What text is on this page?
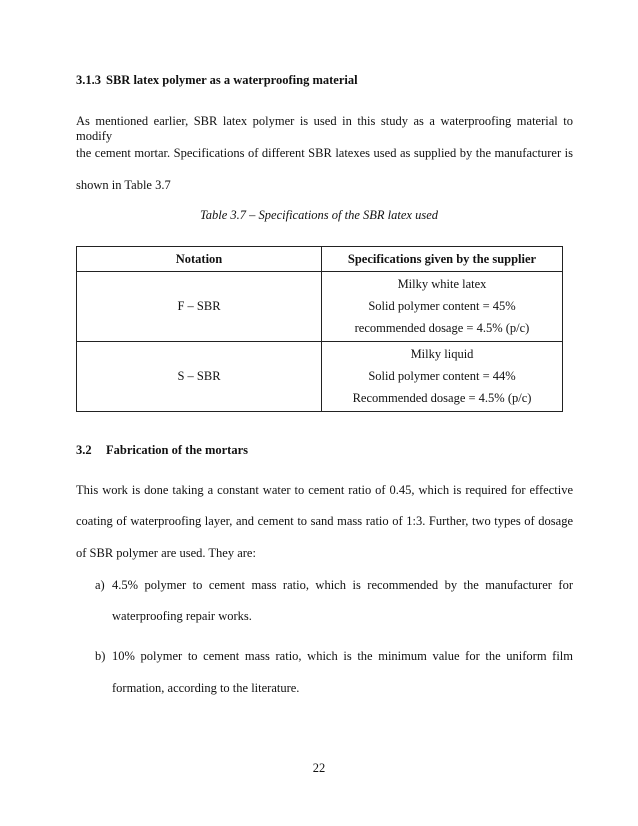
3.1.3 SBR latex polymer as a waterproofing material
As mentioned earlier, SBR latex polymer is used in this study as a waterproofing material to modify
the cement mortar. Specifications of different SBR latexes used as supplied by the manufacturer is
shown in Table 3.7
Table 3.7 – Specifications of the SBR latex used
Notation	Specifications given by the supplier
F – SBR	Milky white latex
Solid polymer content = 45%
recommended dosage = 4.5% (p/c)

S – SBR	Milky liquid
Solid polymer content = 44%
Recommended dosage = 4.5% (p/c)
3.2 Fabrication of the mortars
This work is done taking a constant water to cement ratio of 0.45, which is required for effective
coating of waterproofing layer, and cement to sand mass ratio of 1:3. Further, two types of dosage
of SBR polymer are used. They are:
a) 4.5% polymer to cement mass ratio, which is recommended by the manufacturer for
waterproofing repair works.
b) 10% polymer to cement mass ratio, which is the minimum value for the uniform film
formation, according to the literature.
22
